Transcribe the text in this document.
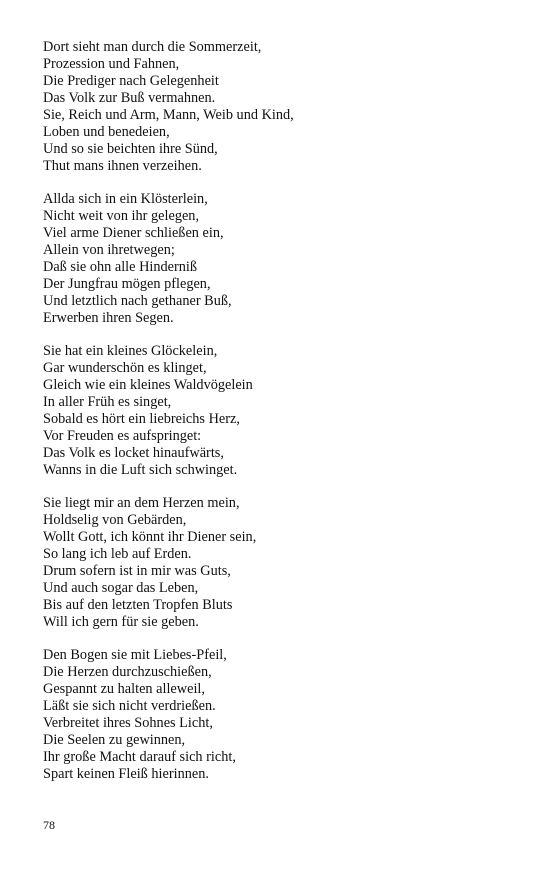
Dort sieht man durch die Sommerzeit,
Prozession und Fahnen,
Die Prediger nach Gelegenheit
Das Volk zur Buß vermahnen.
Sie, Reich und Arm, Mann, Weib und Kind,
Loben und benedeien,
Und so sie beichten ihre Sünd,
Thut mans ihnen verzeihen.
Allda sich in ein Klösterlein,
Nicht weit von ihr gelegen,
Viel arme Diener schließen ein,
Allein von ihretwegen;
Daß sie ohn alle Hinderniß
Der Jungfrau mögen pflegen,
Und letztlich nach gethaner Buß,
Erwerben ihren Segen.
Sie hat ein kleines Glöckelein,
Gar wunderschön es klinget,
Gleich wie ein kleines Waldvögelein
In aller Früh es singet,
Sobald es hört ein liebreichs Herz,
Vor Freuden es aufspringet:
Das Volk es locket hinaufwärts,
Wanns in die Luft sich schwinget.
Sie liegt mir an dem Herzen mein,
Holdselig von Gebärden,
Wollt Gott, ich könnt ihr Diener sein,
So lang ich leb auf Erden.
Drum sofern ist in mir was Guts,
Und auch sogar das Leben,
Bis auf den letzten Tropfen Bluts
Will ich gern für sie geben.
Den Bogen sie mit Liebes-Pfeil,
Die Herzen durchzuschießen,
Gespannt zu halten alleweil,
Läßt sie sich nicht verdrießen.
Verbreitet ihres Sohnes Licht,
Die Seelen zu gewinnen,
Ihr große Macht darauf sich richt,
Spart keinen Fleiß hierinnen.
78
